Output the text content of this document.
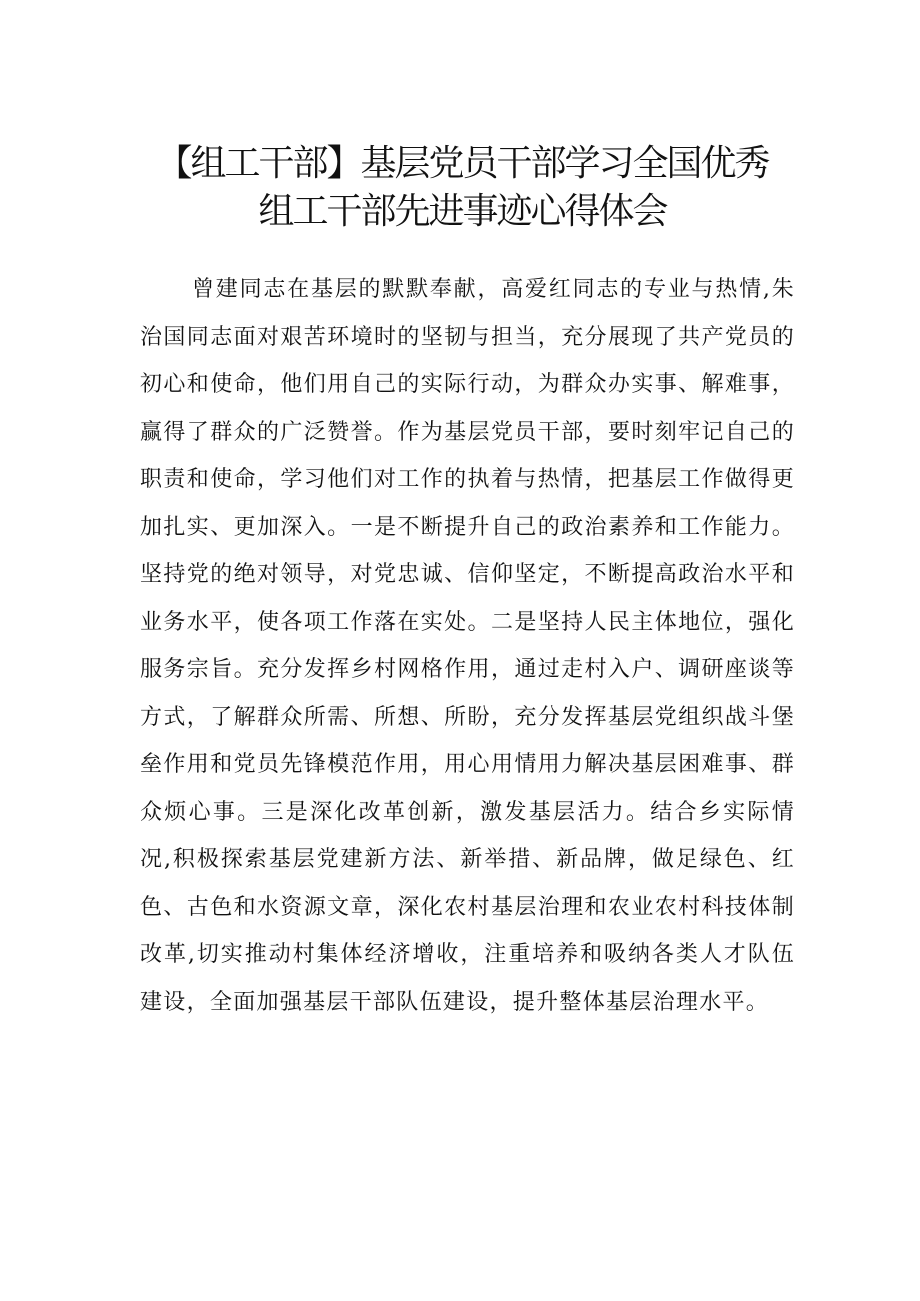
【组工干部】基层党员干部学习全国优秀组工干部先进事迹心得体会

曾建同志在基层的默默奉献，高爱红同志的专业与热情,朱治国同志面对艰苦环境时的坚韧与担当，充分展现了共产党员的初心和使命，他们用自己的实际行动，为群众办实事、解难事，赢得了群众的广泛赞誉。作为基层党员干部，要时刻牢记自己的职责和使命，学习他们对工作的执着与热情，把基层工作做得更加扎实、更加深入。一是不断提升自己的政治素养和工作能力。坚持党的绝对领导，对党忠诚、信仰坚定，不断提高政治水平和业务水平，使各项工作落在实处。二是坚持人民主体地位，强化服务宗旨。充分发挥乡村网格作用，通过走村入户、调研座谈等方式，了解群众所需、所想、所盼，充分发挥基层党组织战斗堡垒作用和党员先锋模范作用，用心用情用力解决基层困难事、群众烦心事。三是深化改革创新，激发基层活力。结合乡实际情况,积极探索基层党建新方法、新举措、新品牌，做足绿色、红色、古色和水资源文章，深化农村基层治理和农业农村科技体制改革,切实推动村集体经济增收，注重培养和吸纳各类人才队伍建设，全面加强基层干部队伍建设，提升整体基层治理水平。
